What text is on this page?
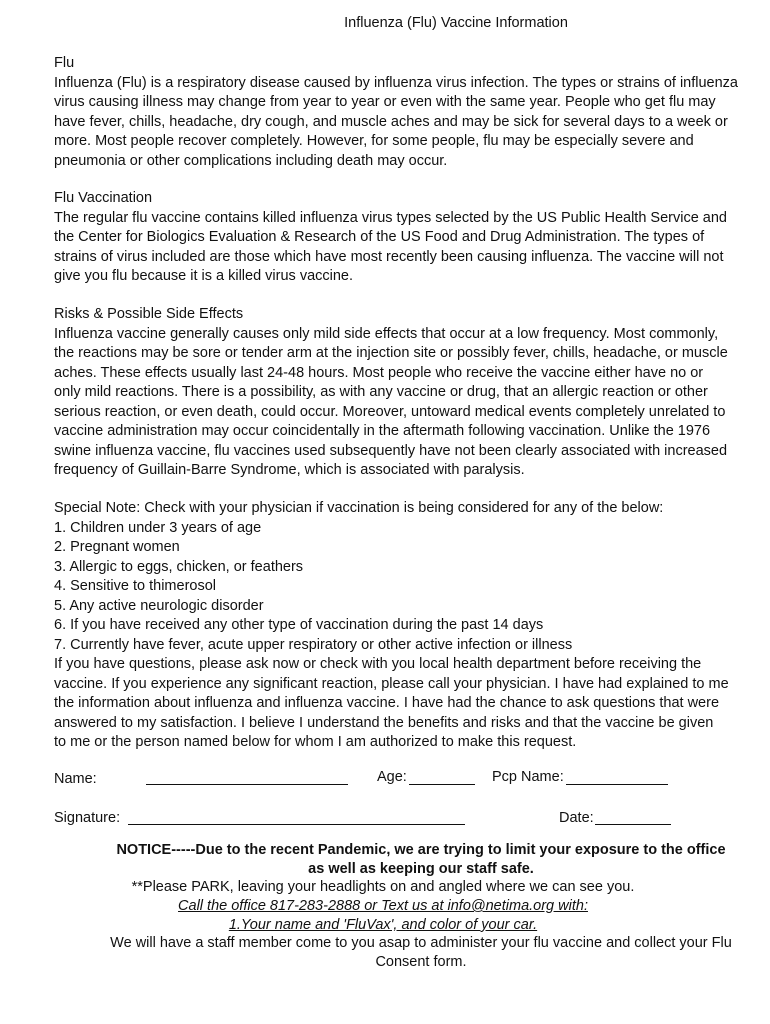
Influenza (Flu) Vaccine Information

Flu

Influenza (Flu) is a respiratory disease caused by influenza virus infection. The types or strains of influenza

virus causing illness may change from year to year or even with the same year. People who get flu may

have fever, chills, headache, dry cough, and muscle aches and may be sick for several days to a week or

more. Most people recover completely. However, for some people, flu may be especially severe and

pneumonia or other complications including death may occur.

Flu Vaccination

The regular flu vaccine contains killed influenza virus types selected by the US Public Health Service and

the Center for Biologics Evaluation & Research of the US Food and Drug Administration. The types of

strains of virus included are those which have most recently been causing influenza. The vaccine will not

give you flu because it is a killed virus vaccine.

Risks & Possible Side Effects

Influenza vaccine generally causes only mild side effects that occur at a low frequency. Most commonly,

the reactions may be sore or tender arm at the injection site or possibly fever, chills, headache, or muscle

aches. These effects usually last 24-48 hours. Most people who receive the vaccine either have no or

only mild reactions. There is a possibility, as with any vaccine or drug, that an allergic reaction or other

serious reaction, or even death, could occur. Moreover, untoward medical events completely unrelated to

vaccine administration may occur coincidentally in the aftermath following vaccination. Unlike the 1976

swine influenza vaccine, flu vaccines used subsequently have not been clearly associated with increased

frequency of Guillain-Barre Syndrome, which is associated with paralysis.

Special Note: Check with your physician if vaccination is being considered for any of the below:

1. Children under 3 years of age

2. Pregnant women

3. Allergic to eggs, chicken, or feathers

4. Sensitive to thimerosol

5. Any active neurologic disorder

6. If you have received any other type of vaccination during the past 14 days

7. Currently have fever, acute upper respiratory or other active infection or illness

If you have questions, please ask now or check with you local health department before receiving the

vaccine. If you experience any significant reaction, please call your physician. I have had explained to me

the information about influenza and influenza vaccine. I have had the chance to ask questions that were

answered to my satisfaction. I believe I understand the benefits and risks and that the vaccine be given

to me or the person named below for whom I am authorized to make this request.

Name:	Age:	Pcp Name:
Signature:	Date:

NOTICE-----Due to the recent Pandemic, we are trying to limit your exposure to the office

as well as keeping our staff safe.

**Please PARK, leaving your headlights on and angled where we can see you.

Call the office 817-283-2888 or Text us at info@netima.org with:

1.Your name and 'FluVax', and color of your car.

We will have a staff member come to you asap to administer your flu vaccine and collect your Flu

Consent form.
